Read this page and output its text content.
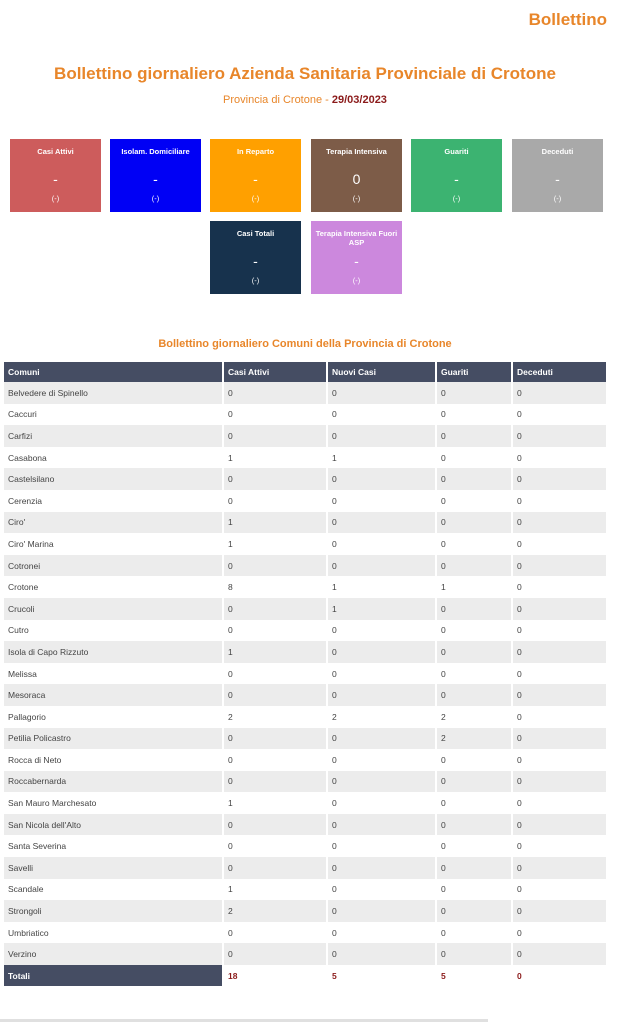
Bollettino
Bollettino giornaliero Azienda Sanitaria Provinciale di Crotone
Provincia di Crotone - 29/03/2023
Casi Attivi
-
(-)
Isolam. Domiciliare
-
(-)
In Reparto
-
(-)
Terapia Intensiva
0
(-)
Guariti
-
(-)
Deceduti
-
(-)
Casi Totali
-
(-)
Terapia Intensiva Fuori ASP
-
(-)
Bollettino giornaliero Comuni della Provincia di Crotone
Comuni	Casi Attivi	Nuovi Casi	Guariti	Deceduti
Belvedere di Spinello	0	0	0	0
Caccuri	0	0	0	0
Carfizi	0	0	0	0
Casabona	1	1	0	0
Castelsilano	0	0	0	0
Cerenzia	0	0	0	0
Ciro'	1	0	0	0
Ciro' Marina	1	0	0	0
Cotronei	0	0	0	0
Crotone	8	1	1	0
Crucoli	0	1	0	0
Cutro	0	0	0	0
Isola di Capo Rizzuto	1	0	0	0
Melissa	0	0	0	0
Mesoraca	0	0	0	0
Pallagorio	2	2	2	0
Petilia Policastro	0	0	2	0
Rocca di Neto	0	0	0	0
Roccabernarda	0	0	0	0
San Mauro Marchesato	1	0	0	0
San Nicola dell'Alto	0	0	0	0
Santa Severina	0	0	0	0
Savelli	0	0	0	0
Scandale	1	0	0	0
Strongoli	2	0	0	0
Umbriatico	0	0	0	0
Verzino	0	0	0	0
Totali	18	5	5	0
